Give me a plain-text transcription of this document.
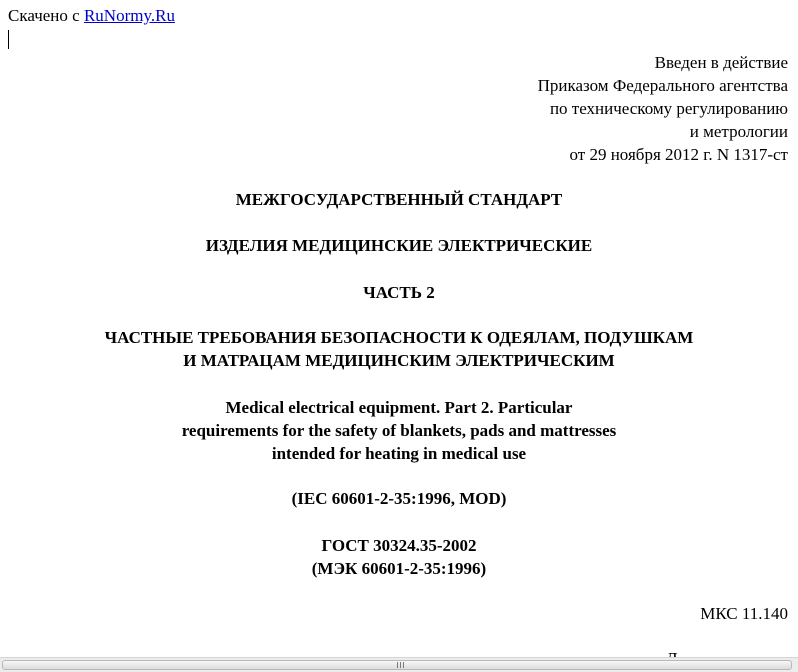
Скачено с RuNormy.Ru
Введен в действие
Приказом Федерального агентства
по техническому регулированию
и метрологии
от 29 ноября 2012 г. N 1317-ст
МЕЖГОСУДАРСТВЕННЫЙ СТАНДАРТ
ИЗДЕЛИЯ МЕДИЦИНСКИЕ ЭЛЕКТРИЧЕСКИЕ
ЧАСТЬ 2
ЧАСТНЫЕ ТРЕБОВАНИЯ БЕЗОПАСНОСТИ К ОДЕЯЛАМ, ПОДУШКАМ
И МАТРАЦАМ МЕДИЦИНСКИМ ЭЛЕКТРИЧЕСКИМ
Medical electrical equipment. Part 2. Particular
requirements for the safety of blankets, pads and mattresses
intended for heating in medical use
(IEC 60601-2-35:1996, MOD)
ГОСТ 30324.35-2002
(МЭК 60601-2-35:1996)
МКС 11.140
